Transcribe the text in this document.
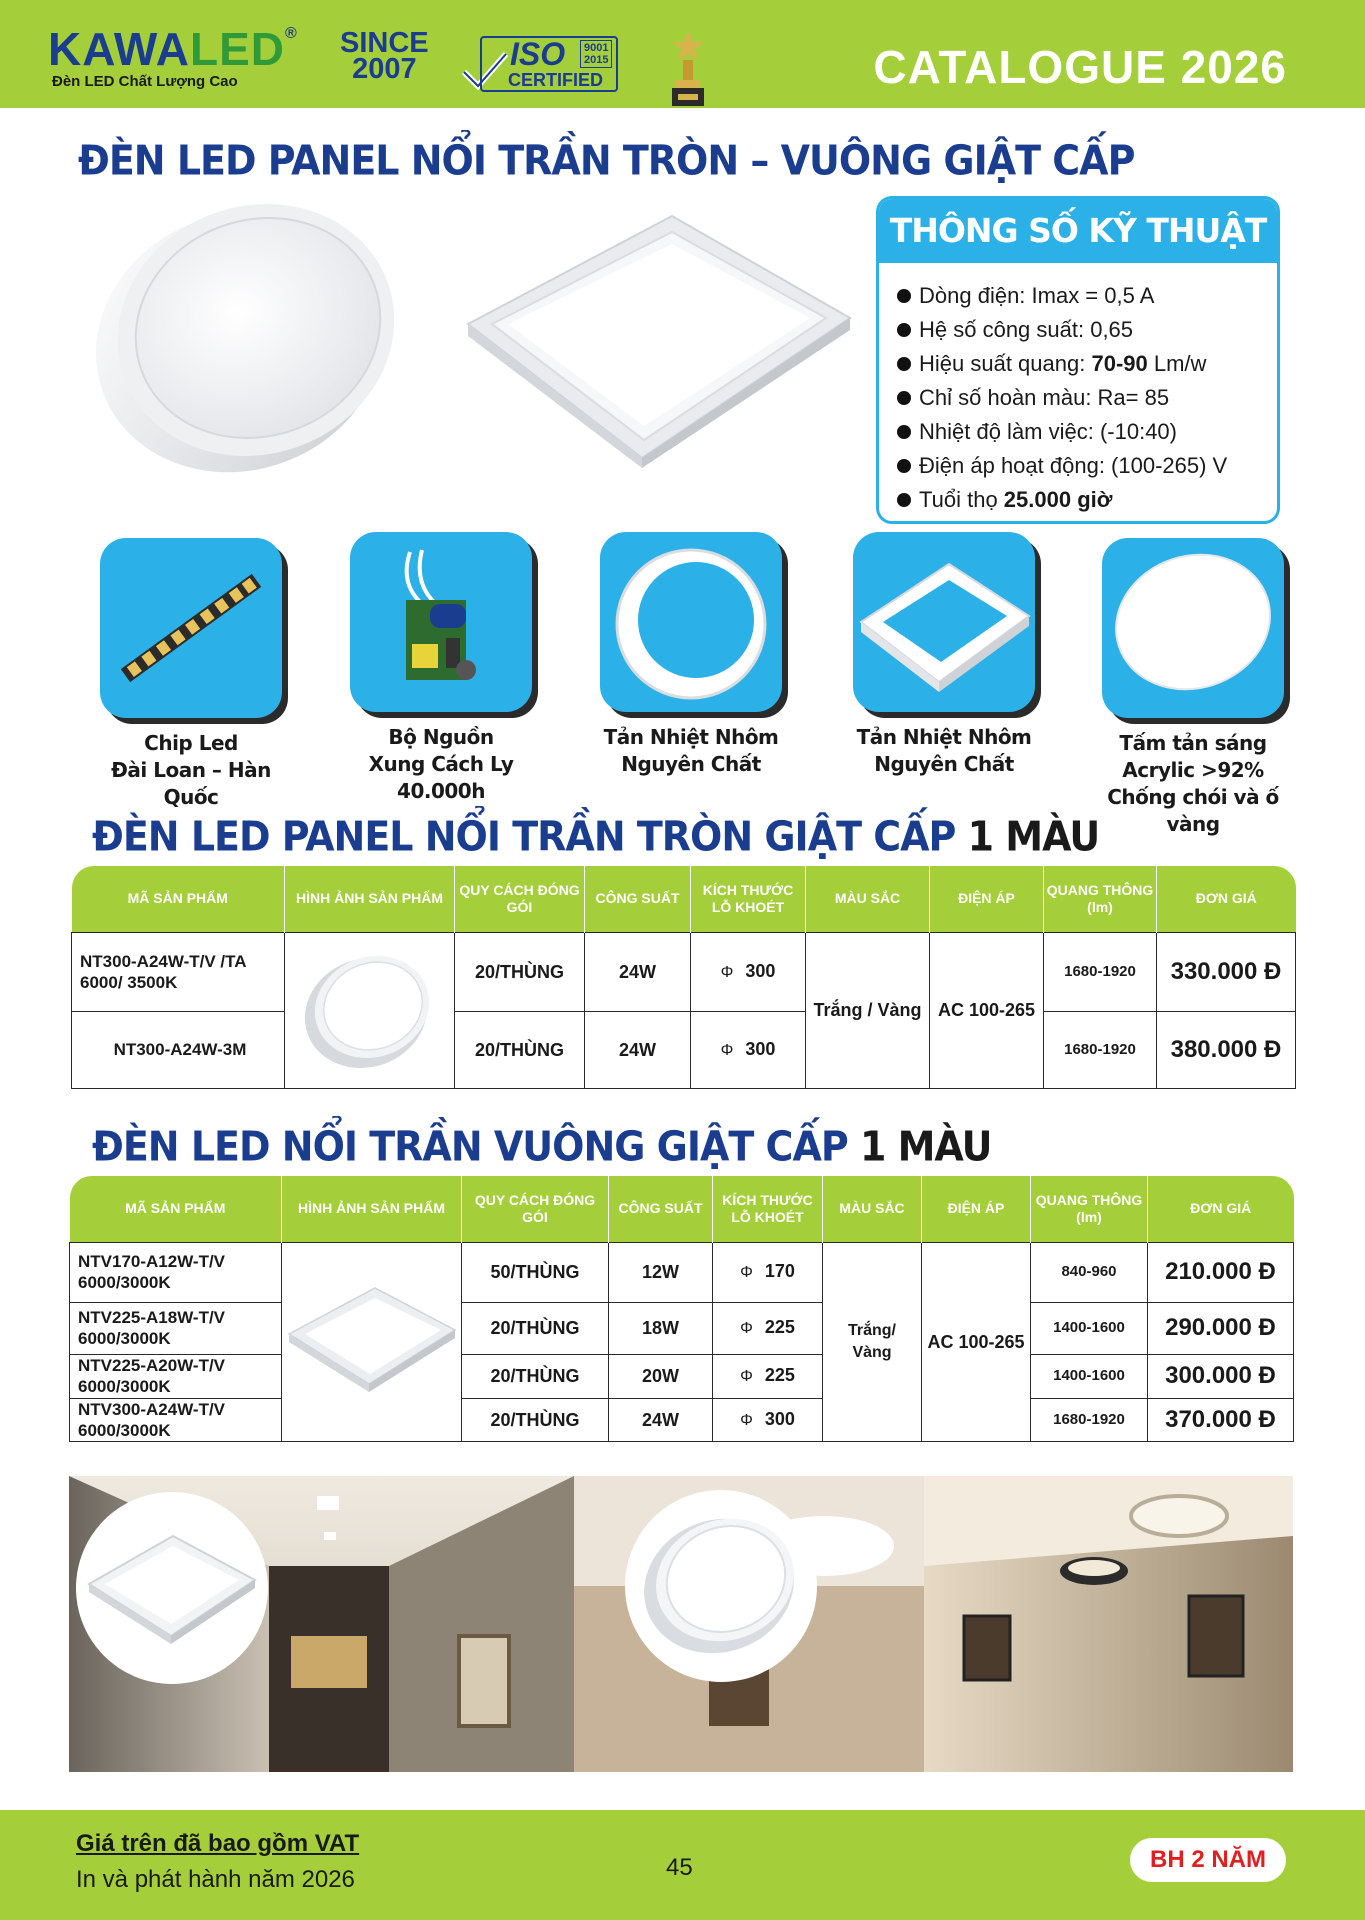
KAWALED®
Đèn LED Chất Lượng Cao
SINCE
2007	ISO 9001
2015
CERTIFIED	CATALOGUE 2026
ĐÈN LED PANEL NỔI TRẦN TRÒN – VUÔNG GIẬT CẤP
THÔNG SỐ KỸ THUẬT
Dòng điện: Imax = 0,5 A
Hệ số công suất: 0,65
Hiệu suất quang: 70-90 Lm/w
Chỉ số hoàn màu: Ra= 85
Nhiệt độ làm việc: (-10:40)
Điện áp hoạt động: (100-265) V
Tuổi thọ 25.000 giờ
Chip Led
Đài Loan – Hàn Quốc
Bộ Nguồn
Xung Cách Ly 40.000h
Tản Nhiệt Nhôm
Nguyên Chất
Tản Nhiệt Nhôm
Nguyên Chất
Tấm tản sáng
Acrylic >92%
Chống chói và ố vàng
ĐÈN LED PANEL NỔI TRẦN TRÒN GIẬT CẤP 1 MÀU
MÃ SẢN PHẨM	HÌNH ẢNH SẢN PHẨM	QUY CÁCH ĐÓNG GÓI	CÔNG SUẤT	KÍCH THƯỚC LỖ KHOÉT	MÀU SẮC	ĐIỆN ÁP	QUANG THÔNG (lm)	ĐƠN GIÁ
NT300-A24W-T/V /TA 6000/ 3500K		20/THÙNG	24W	Φ 300	Trắng / Vàng	AC 100-265	1680-1920	330.000 Đ
NT300-A24W-3M		20/THÙNG	24W	Φ 300			1680-1920	380.000 Đ
ĐÈN LED NỔI TRẦN VUÔNG GIẬT CẤP 1 MÀU
MÃ SẢN PHẨM	HÌNH ẢNH SẢN PHẨM	QUY CÁCH ĐÓNG GÓI	CÔNG SUẤT	KÍCH THƯỚC LỖ KHOÉT	MÀU SẮC	ĐIỆN ÁP	QUANG THÔNG (lm)	ĐƠN GIÁ
NTV170-A12W-T/V 6000/3000K		50/THÙNG	12W	Φ 170	Trắng/ Vàng	AC 100-265	840-960	210.000 Đ
NTV225-A18W-T/V 6000/3000K		20/THÙNG	18W	Φ 225			1400-1600	290.000 Đ
NTV225-A20W-T/V 6000/3000K		20/THÙNG	20W	Φ 225			1400-1600	300.000 Đ
NTV300-A24W-T/V 6000/3000K		20/THÙNG	24W	Φ 300			1680-1920	370.000 Đ
Giá trên đã bao gồm VAT
In và phát hành năm 2026	45	BH 2 NĂM
